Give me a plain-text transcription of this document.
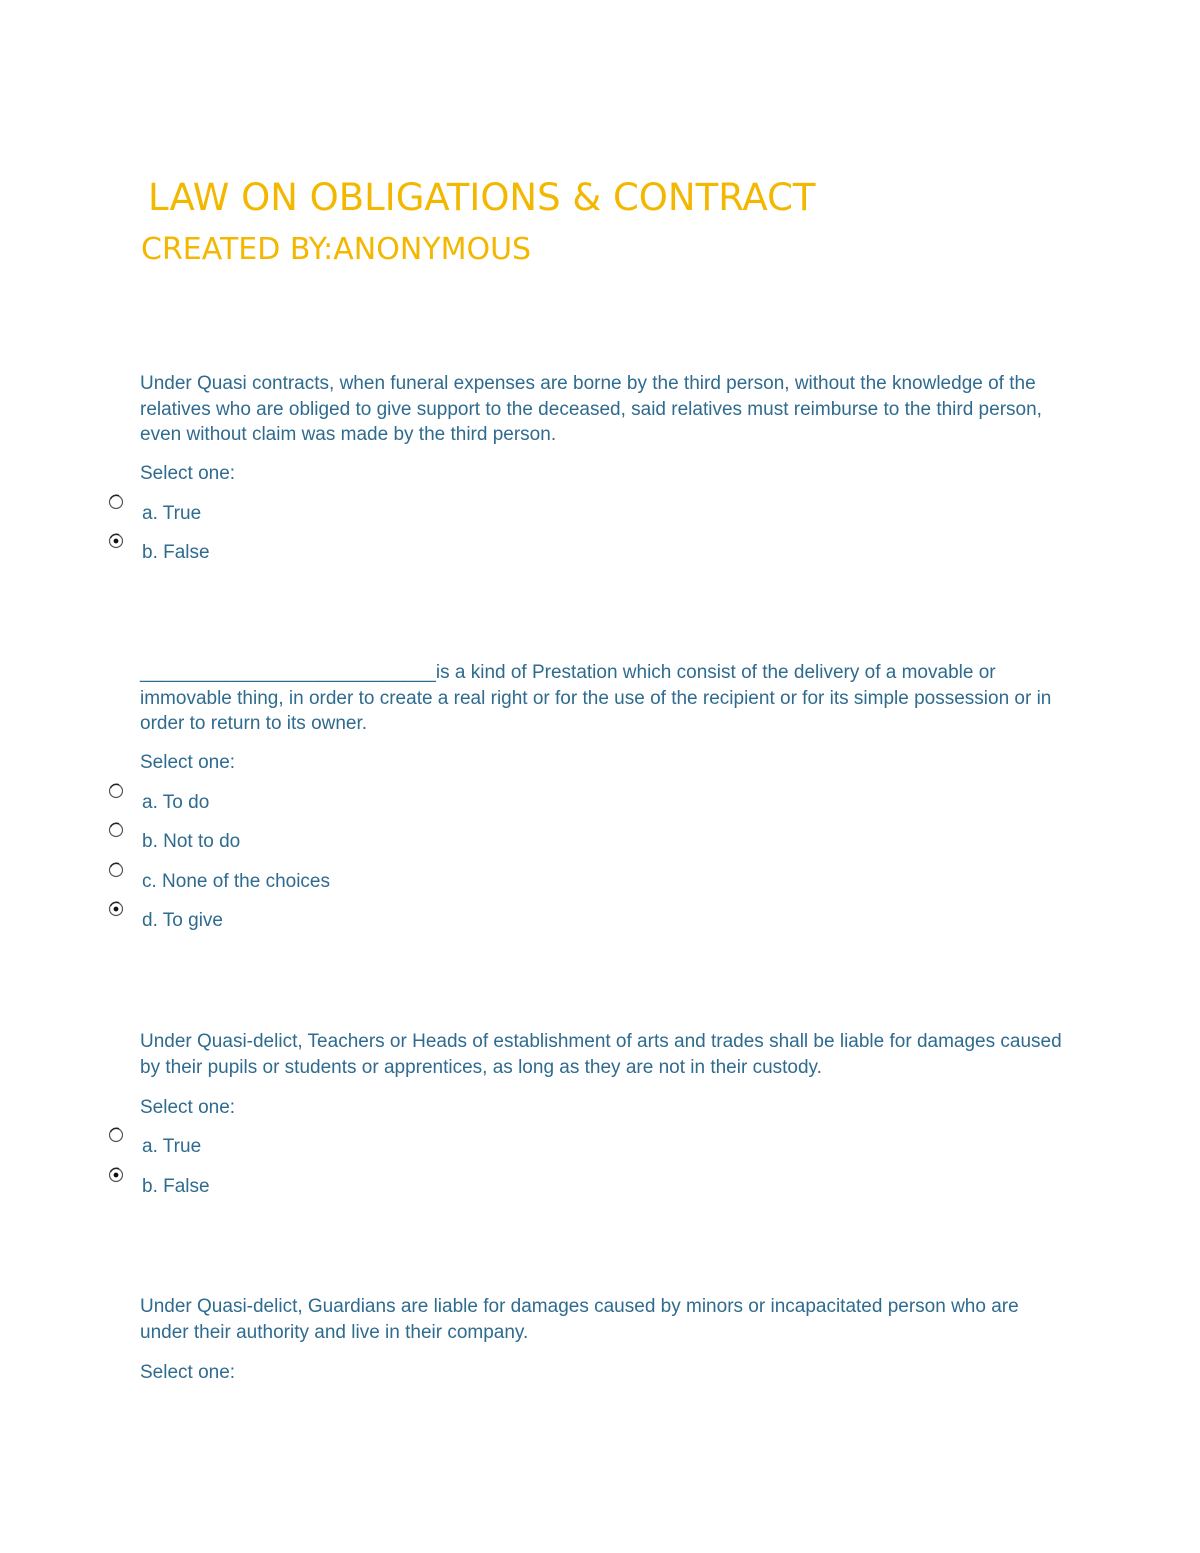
LAW ON OBLIGATIONS & CONTRACT
CREATED BY:ANONYMOUS
Under Quasi contracts, when funeral expenses are borne by the third person, without the knowledge of the relatives who are obliged to give support to the deceased, said relatives must reimburse to the third person, even without claim was made by the third person.
Select one:
a. True
b. False
____________________________is a kind of Prestation which consist of the delivery of a movable or immovable thing, in order to create a real right or for the use of the recipient or for its simple possession or in order to return to its owner.
Select one:
a. To do
b. Not to do
c. None of the choices
d. To give
Under Quasi-delict, Teachers or Heads of establishment of arts and trades shall be liable for damages caused by their pupils or students or apprentices, as long as they are not in their custody.
Select one:
a. True
b. False
Under Quasi-delict, Guardians are liable for damages caused by minors or incapacitated person who are under their authority and live in their company.
Select one:
